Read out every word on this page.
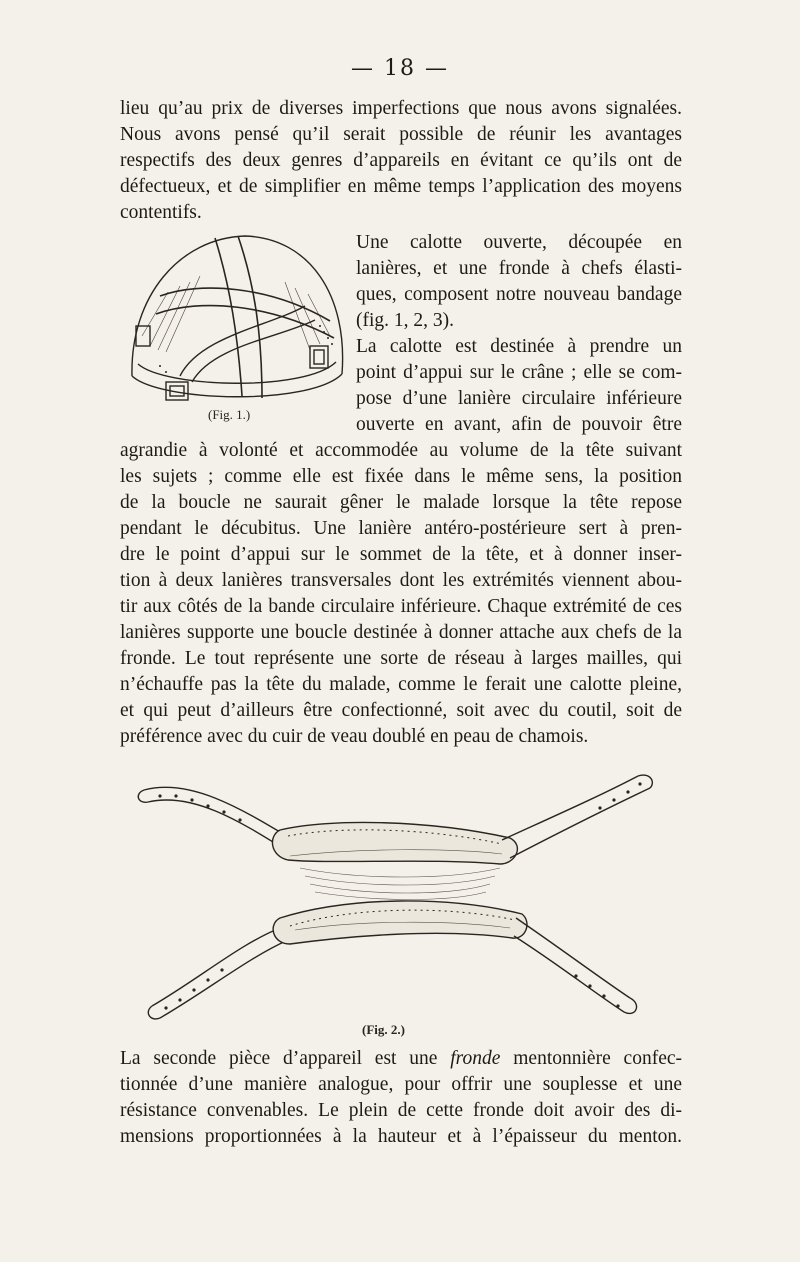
— 18 —
lieu qu’au prix de diverses imperfections que nous avons signalées.
Nous avons pensé qu’il serait possible de réunir les avantages
respectifs des deux genres d’appareils en évitant ce qu’ils ont de
défectueux, et de simplifier en même temps l’application des moyens
contentifs.
(Fig. 1.)
Une calotte ouverte, découpée en
lanières, et une fronde à chefs élasti-
ques, composent notre nouveau bandage
(fig. 1, 2, 3).
La calotte est destinée à prendre un
point d’appui sur le crâne ; elle se com-
pose d’une lanière circulaire inférieure
ouverte en avant, afin de pouvoir être
agrandie à volonté et accommodée au volume de la tête suivant
les sujets ; comme elle est fixée dans le même sens, la position
de la boucle ne saurait gêner le malade lorsque la tête repose
pendant le décubitus. Une lanière antéro-postérieure sert à pren-
dre le point d’appui sur le sommet de la tête, et à donner inser-
tion à deux lanières transversales dont les extrémités viennent abou-
tir aux côtés de la bande circulaire inférieure. Chaque extrémité de ces
lanières supporte une boucle destinée à donner attache aux chefs de la
fronde. Le tout représente une sorte de réseau à larges mailles, qui
n’échauffe pas la tête du malade, comme le ferait une calotte pleine,
et qui peut d’ailleurs être confectionné, soit avec du coutil, soit de
préférence avec du cuir de veau doublé en peau de chamois.
(Fig. 2.)
La seconde pièce d’appareil est une fronde mentonnière confec-
tionnée d’une manière analogue, pour offrir une souplesse et une
résistance convenables. Le plein de cette fronde doit avoir des di-
mensions proportionnées à la hauteur et à l’épaisseur du menton.
